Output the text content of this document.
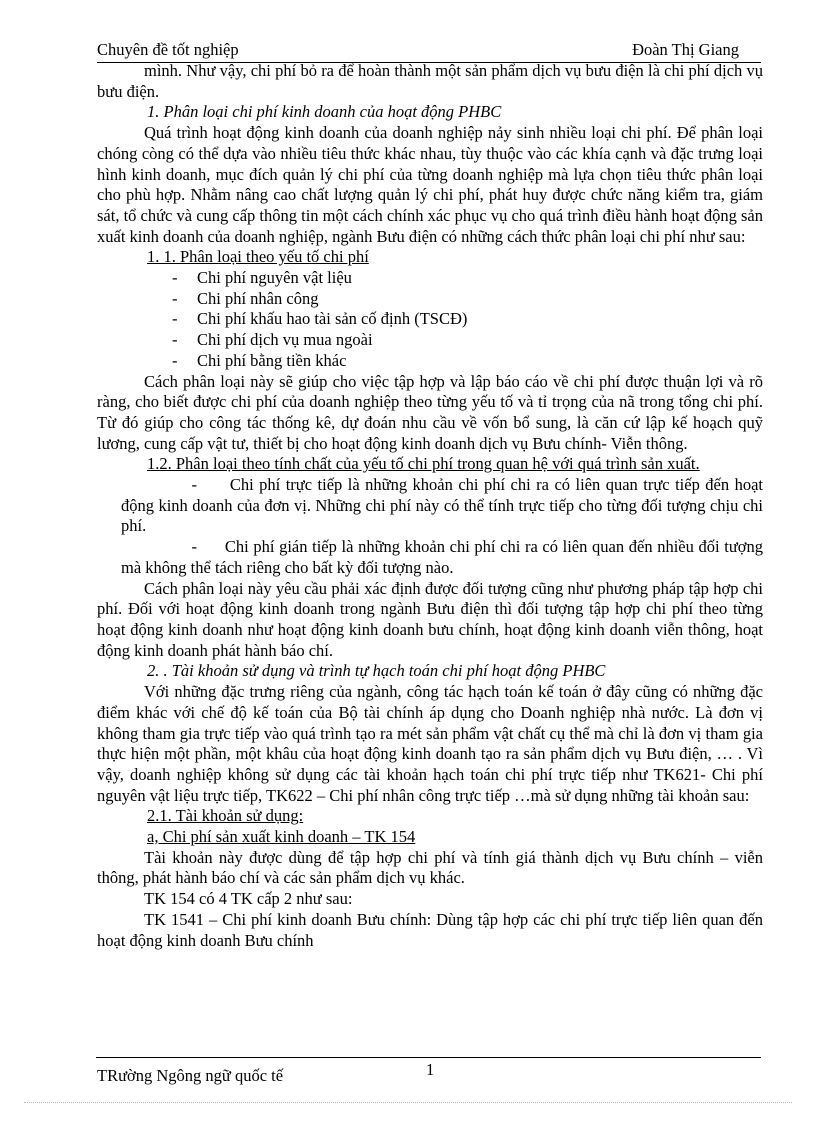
Chuyên đề tốt nghiệp	Đoàn Thị Giang
mình. Như vậy, chi phí bỏ ra để hoàn thành một sản phẩm dịch vụ bưu điện là chi phí dịch vụ bưu điện.
1. Phân loại chi phí kinh doanh của hoạt động PHBC
Quá trình hoạt động kinh doanh của doanh nghiệp nảy sinh nhiều loại chi phí. Để phân loại chóng còng có thể dựa vào nhiều tiêu thức khác nhau, tùy thuộc vào các khía cạnh và đặc trưng loại hình kinh doanh, mục đích quản lý chi phí của từng doanh nghiệp mà lựa chọn tiêu thức phân loại cho phù hợp. Nhằm nâng cao chất lượng quản lý chi phí, phát huy được chức năng kiểm tra, giám sát, tổ chức và cung cấp thông tin một cách chính xác phục vụ cho quá trình điều hành hoạt động sản xuất kinh doanh của doanh nghiệp, ngành Bưu điện có những cách thức phân loại chi phí như sau:
1. 1. Phân loại theo yếu tố chi phí
- Chi phí nguyên vật liệu
- Chi phí nhân công
- Chi phí khấu hao tài sản cố định (TSCĐ)
- Chi phí dịch vụ mua ngoài
- Chi phí bằng tiền khác
Cách phân loại này sẽ giúp cho việc tập hợp và lập báo cáo về chi phí được thuận lợi và rõ ràng, cho biết được chi phí của doanh nghiệp theo từng yếu tố và tỉ trọng của nã trong tổng chi phí. Từ đó giúp cho công tác thống kê, dự đoán nhu cầu về vốn bổ sung, là căn cứ lập kế hoạch quỹ lương, cung cấp vật tư, thiết bị cho hoạt động kinh doanh dịch vụ Bưu chính- Viễn thông.
1.2. Phân loại theo tính chất của yếu tố chi phí trong quan hệ với quá trình sản xuất.
- Chi phí trực tiếp là những khoản chi phí chi ra có liên quan trực tiếp đến hoạt động kinh doanh của đơn vị. Những chi phí này có thể tính trực tiếp cho từng đối tượng chịu chi phí.
- Chi phí gián tiếp là những khoản chi phí chi ra có liên quan đến nhiều đối tượng mà không thể tách riêng cho bất kỳ đối tượng nào.
Cách phân loại này yêu cầu phải xác định được đối tượng cũng như phương pháp tập hợp chi phí. Đối với hoạt động kinh doanh trong ngành Bưu điện thì đối tượng tập hợp chi phí theo từng hoạt động kinh doanh như hoạt động kinh doanh bưu chính, hoạt động kinh doanh viễn thông, hoạt động kinh doanh phát hành báo chí.
2. . Tài khoản sử dụng và trình tự hạch toán chi phí hoạt động PHBC
Với những đặc trưng riêng của ngành, công tác hạch toán kế toán ở đây cũng có những đặc điểm khác với chế độ kế toán của Bộ tài chính áp dụng cho Doanh nghiệp nhà nước. Là đơn vị không tham gia trực tiếp vào quá trình tạo ra mét sản phẩm vật chất cụ thể mà chỉ là đơn vị tham gia thực hiện một phần, một khâu của hoạt động kinh doanh tạo ra sản phẩm dịch vụ Bưu điện, … . Vì vậy, doanh nghiệp không sử dụng các tài khoản hạch toán chi phí trực tiếp như TK621- Chi phí nguyên vật liệu trực tiếp, TK622 – Chi phí nhân công trực tiếp …mà sử dụng những tài khoản sau:
2.1. Tài khoản sử dụng:
a, Chi phí sản xuất kinh doanh – TK 154
Tài khoản này được dùng để tập hợp chi phí và tính giá thành dịch vụ Bưu chính – viễn thông, phát hành báo chí và các sản phẩm dịch vụ khác.
TK 154 có 4 TK cấp 2 như sau:
TK 1541 – Chi phí kinh doanh Bưu chính: Dùng tập hợp các chi phí trực tiếp liên quan đến hoạt động kinh doanh Bưu chính
1
TRường Ngông ngữ quốc tế
